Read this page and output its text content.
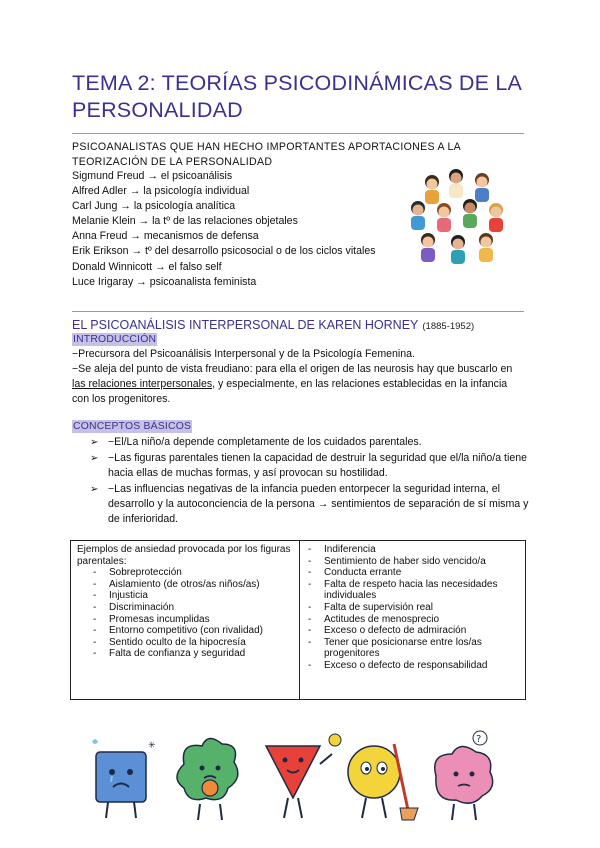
TEMA 2: TEORÍAS PSICODINÁMICAS DE LA PERSONALIDAD
PSICOANALISTAS QUE HAN HECHO IMPORTANTES APORTACIONES A LA TEORIZACIÓN DE LA PERSONALIDAD
Sigmund Freud → el psicoanálisis
Alfred Adler → la psicología individual
Carl Jung → la psicología analítica
Melanie Klein → la tº de las relaciones objetales
Anna Freud → mecanismos de defensa
Erik Erikson → tº del desarrollo psicosocial o de los ciclos vitales
Donald Winnicott → el falso self
Luce Irigaray → psicoanalista feminista
EL PSICOANÁLISIS INTERPERSONAL DE KAREN HORNEY (1885-1952)
INTRODUCCIÓN

−Precursora del Psicoanálisis Interpersonal y de la Psicología Femenina.

−Se aleja del punto de vista freudiano: para ella el origen de las neurosis hay que buscarlo en las relaciones interpersonales, y especialmente, en las relaciones establecidas en la infancia con los progenitores.

CONCEPTOS BÁSICOS
➢ −El/La niño/a depende completamente de los cuidados parentales.
➢ −Las figuras parentales tienen la capacidad de destruir la seguridad que el/la niño/a tiene hacia ellas de muchas formas, y así provocan su hostilidad.
➢ −Las influencias negativas de la infancia pueden entorpecer la seguridad interna, el desarrollo y la autoconciencia de la persona → sentimientos de separación de sí misma y de inferioridad.
Ejemplos de ansiedad provocada por los figuras parentales:
- Sobreprotección
- Aislamiento (de otros/as niños/as)
- Injusticia
- Discriminación
- Promesas incumplidas
- Entorno competitivo (con rivalidad)
- Sentido oculto de la hipocresía
- Falta de confianza y seguridad
- Indiferencia
- Sentimiento de haber sido vencido/a
- Conducta errante
- Falta de respeto hacia las necesidades individuales
- Falta de supervisión real
- Actitudes de menosprecio
- Exceso o defecto de admiración
- Tener que posicionarse entre los/as progenitores
- Exceso o defecto de responsabilidad
✳	?
